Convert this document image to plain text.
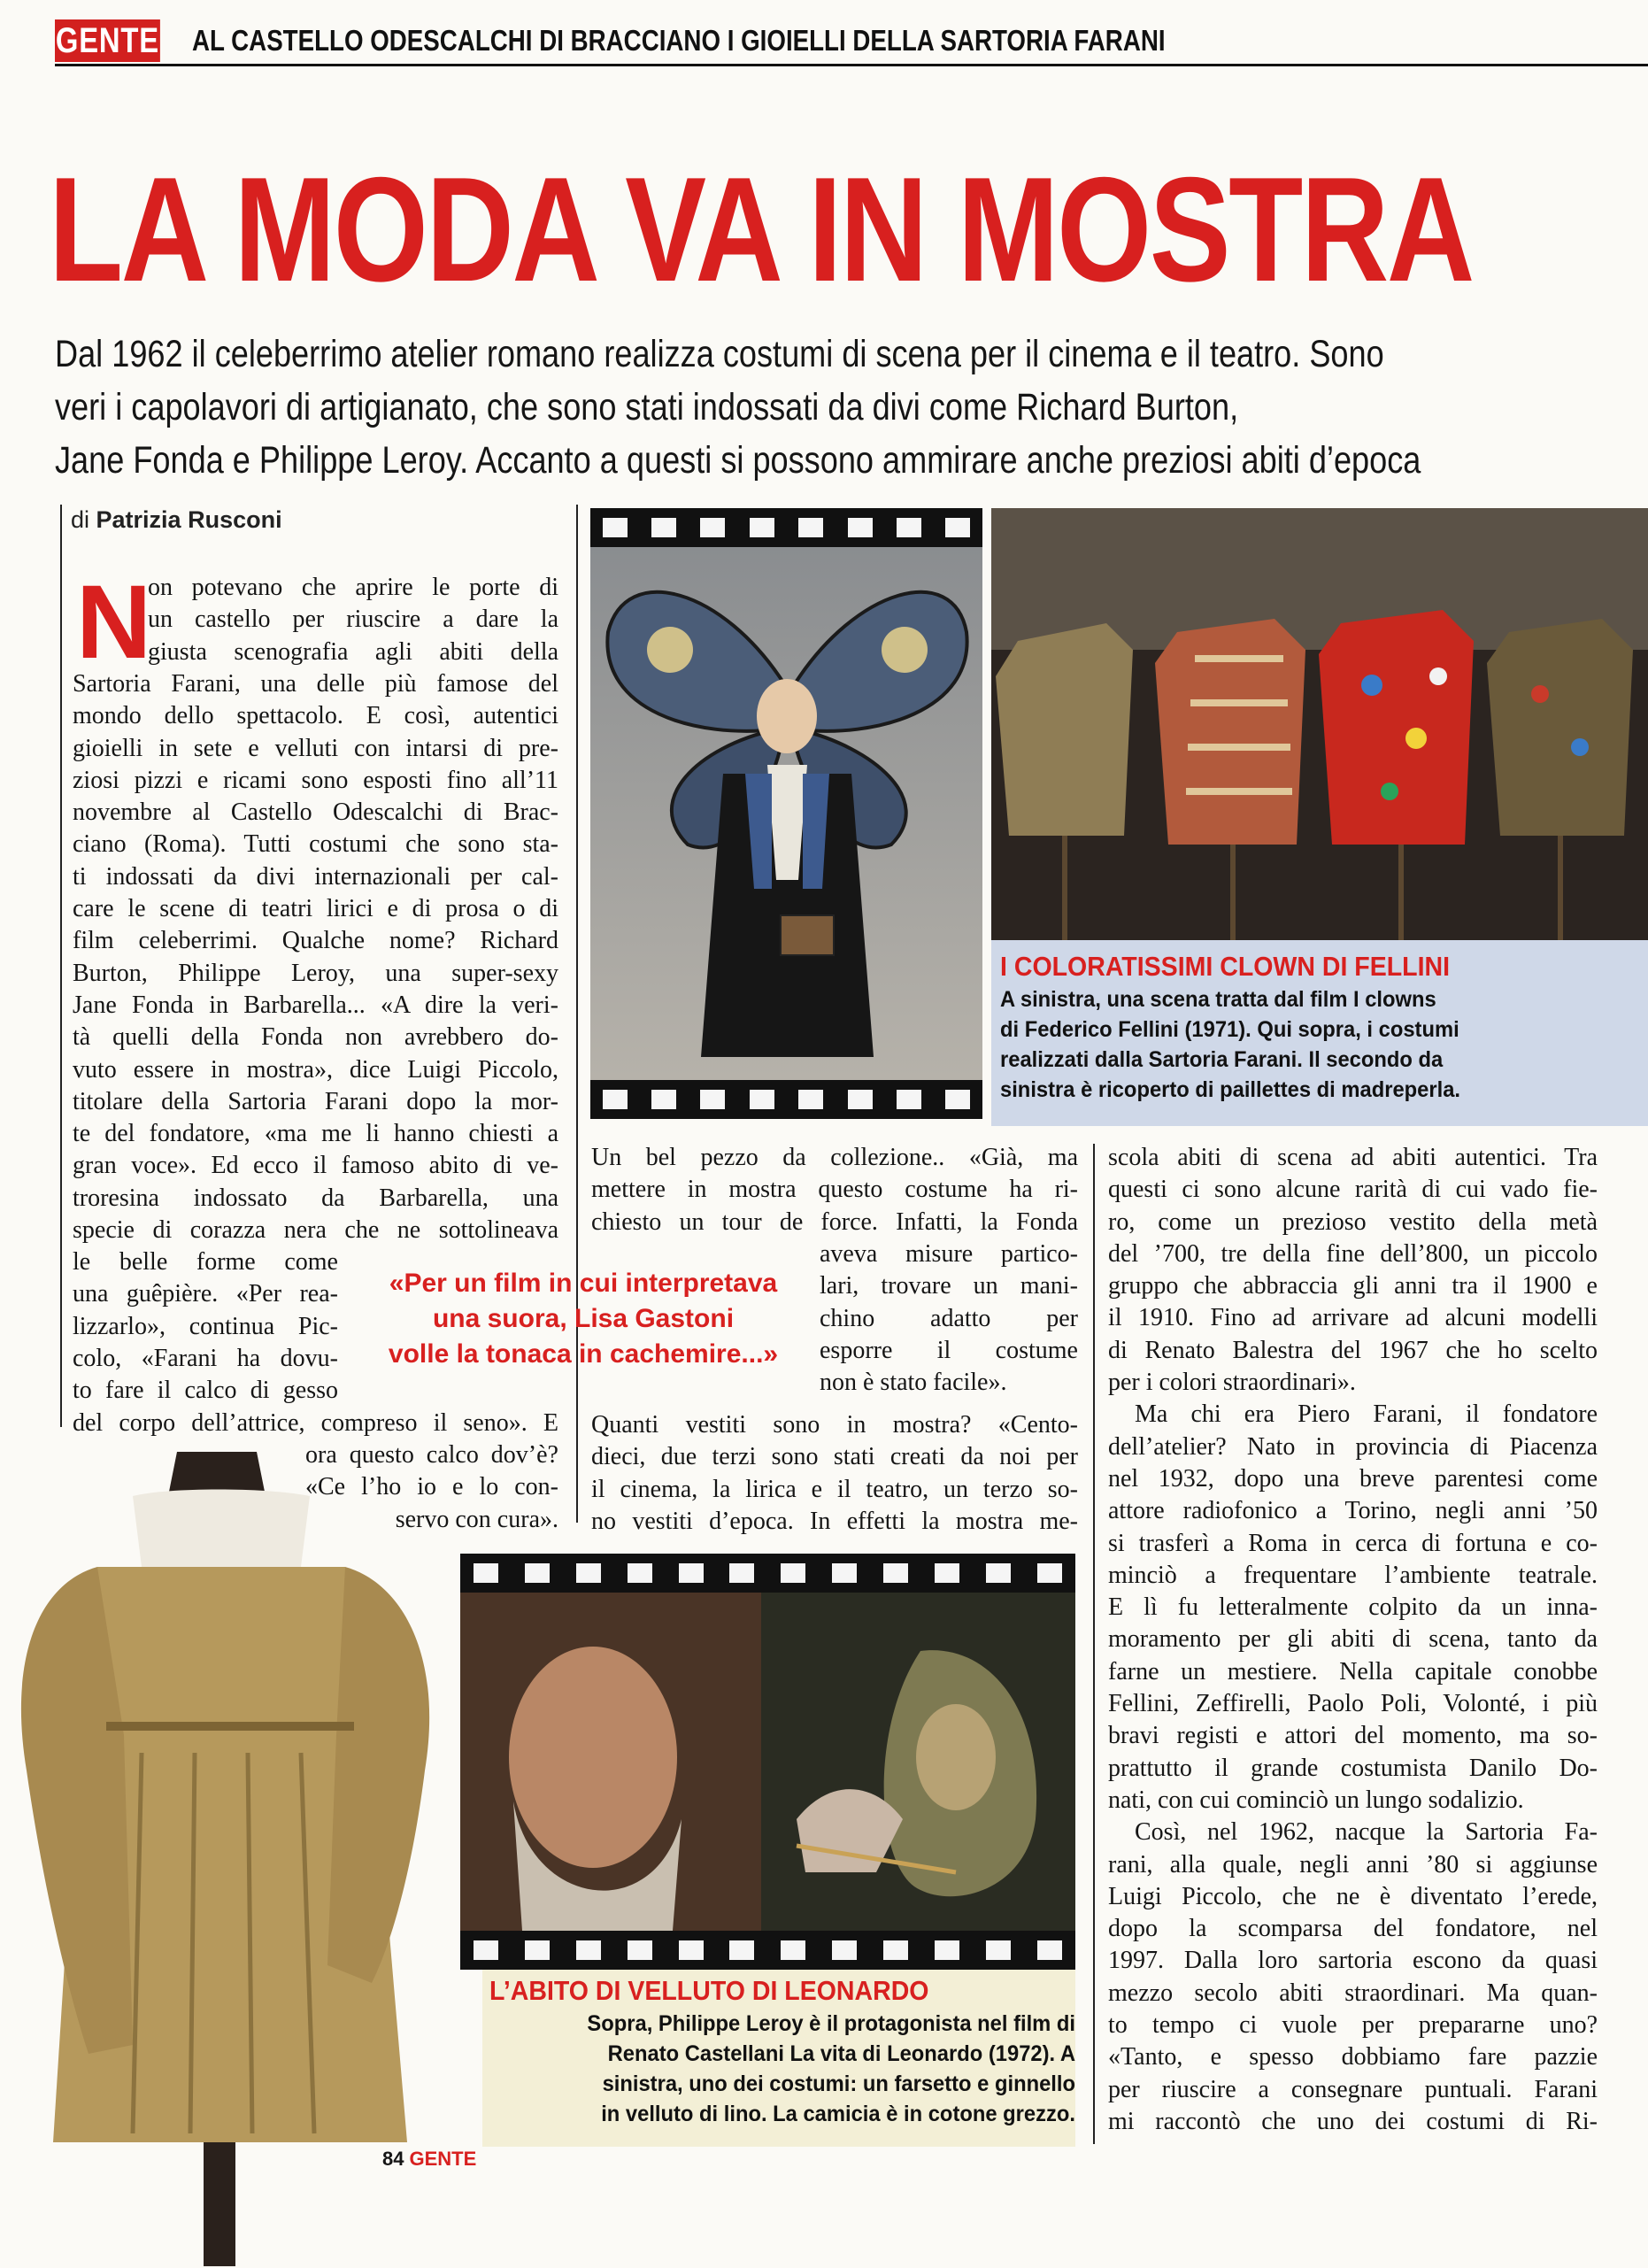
GENTE AL CASTELLO ODESCALCHI DI BRACCIANO I GIOIELLI DELLA SARTORIA FARANI
LA MODA VA IN MOSTRA
Dal 1962 il celeberrimo atelier romano realizza costumi di scena per il cinema e il teatro. Sono
veri i capolavori di artigianato, che sono stati indossati da divi come Richard Burton,
Jane Fonda e Philippe Leroy. Accanto a questi si possono ammirare anche preziosi abiti d’epoca
di Patrizia Rusconi
N
on potevano che aprire le porte di
un castello per riuscire a dare la
giusta scenografia agli abiti della
Sartoria Farani, una delle più famose del
mondo dello spettacolo. E così, autentici
gioielli in sete e velluti con intarsi di pre-
ziosi pizzi e ricami sono esposti fino all’11
novembre al Castello Odescalchi di Brac-
ciano (Roma). Tutti costumi che sono sta-
ti indossati da divi internazionali per cal-
care le scene di teatri lirici e di prosa o di
film celeberrimi. Qualche nome? Richard
Burton, Philippe Leroy, una super-sexy
Jane Fonda in Barbarella... «A dire la veri-
tà quelli della Fonda non avrebbero do-
vuto essere in mostra», dice Luigi Piccolo,
titolare della Sartoria Farani dopo la mor-
te del fondatore, «ma me li hanno chiesti a
gran voce». Ed ecco il famoso abito di ve-
troresina indossato da Barbarella, una
specie di corazza nera che ne sottolineava
le belle forme come
una guêpière. «Per rea-
lizzarlo», continua Pic-
colo, «Farani ha dovu-
to fare il calco di gesso
del corpo dell’attrice, compreso il seno». E
ora questo calco dov’è?
«Ce l’ho io e lo con-
servo con cura».
I COLORATISSIMI CLOWN DI FELLINI
A sinistra, una scena tratta dal film I clowns
di Federico Fellini (1971). Qui sopra, i costumi
realizzati dalla Sartoria Farani. Il secondo da
sinistra è ricoperto di paillettes di madreperla.
Un bel pezzo da collezione.. «Già, ma
mettere in mostra questo costume ha ri-
chiesto un tour de force. Infatti, la Fonda
aveva misure partico-
lari, trovare un mani-
chino adatto per
esporre il costume
non è stato facile».
Quanti vestiti sono in mostra? «Cento-
dieci, due terzi sono stati creati da noi per
il cinema, la lirica e il teatro, un terzo so-
no vestiti d’epoca. In effetti la mostra me-
«Per un film in cui interpretava
una suora, Lisa Gastoni
volle la tonaca in cachemire...»
scola abiti di scena ad abiti autentici. Tra
questi ci sono alcune rarità di cui vado fie-
ro, come un prezioso vestito della metà
del ’700, tre della fine dell’800, un piccolo
gruppo che abbraccia gli anni tra il 1900 e
il 1910. Fino ad arrivare ad alcuni modelli
di Renato Balestra del 1967 che ho scelto
per i colori straordinari».
Ma chi era Piero Farani, il fondatore
dell’atelier? Nato in provincia di Piacenza
nel 1932, dopo una breve parentesi come
attore radiofonico a Torino, negli anni ’50
si trasferì a Roma in cerca di fortuna e co-
minciò a frequentare l’ambiente teatrale.
E lì fu letteralmente colpito da un inna-
moramento per gli abiti di scena, tanto da
farne un mestiere. Nella capitale conobbe
Fellini, Zeffirelli, Paolo Poli, Volonté, i più
bravi registi e attori del momento, ma so-
prattutto il grande costumista Danilo Do-
nati, con cui cominciò un lungo sodalizio.
Così, nel 1962, nacque la Sartoria Fa-
rani, alla quale, negli anni ’80 si aggiunse
Luigi Piccolo, che ne è diventato l’erede,
dopo la scomparsa del fondatore, nel
1997. Dalla loro sartoria escono da quasi
mezzo secolo abiti straordinari. Ma quan-
to tempo ci vuole per prepararne uno?
«Tanto, e spesso dobbiamo fare pazzie
per riuscire a consegnare puntuali. Farani
mi raccontò che uno dei costumi di Ri-
L’ABITO DI VELLUTO DI LEONARDO
Sopra, Philippe Leroy è il protagonista nel film di
Renato Castellani La vita di Leonardo (1972). A
sinistra, uno dei costumi: un farsetto e ginnello
in velluto di lino. La camicia è in cotone grezzo.
84 GENTE
